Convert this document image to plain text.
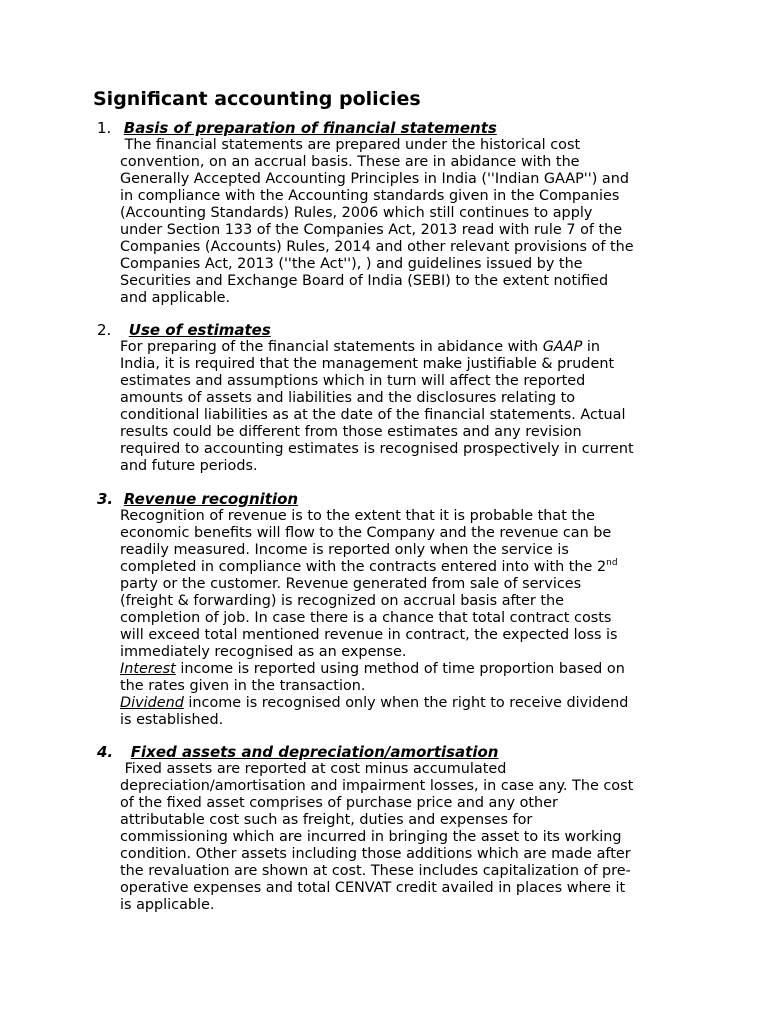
Significant accounting policies
1. Basis of preparation of financial statements
The financial statements are prepared under the historical cost
convention, on an accrual basis. These are in abidance with the
Generally Accepted Accounting Principles in India (''Indian GAAP'') and
in compliance with the Accounting standards given in the Companies
(Accounting Standards) Rules, 2006 which still continues to apply
under Section 133 of the Companies Act, 2013 read with rule 7 of the
Companies (Accounts) Rules, 2014 and other relevant provisions of the
Companies Act, 2013 (''the Act''), ) and guidelines issued by the
Securities and Exchange Board of India (SEBI) to the extent notified
and applicable.
2. Use of estimates
For preparing of the financial statements in abidance with GAAP in
India, it is required that the management make justifiable & prudent
estimates and assumptions which in turn will affect the reported
amounts of assets and liabilities and the disclosures relating to
conditional liabilities as at the date of the financial statements. Actual
results could be different from those estimates and any revision
required to accounting estimates is recognised prospectively in current
and future periods.
3. Revenue recognition
Recognition of revenue is to the extent that it is probable that the
economic benefits will flow to the Company and the revenue can be
readily measured. Income is reported only when the service is
completed in compliance with the contracts entered into with the 2nd
party or the customer. Revenue generated from sale of services
(freight & forwarding) is recognized on accrual basis after the
completion of job. In case there is a chance that total contract costs
will exceed total mentioned revenue in contract, the expected loss is
immediately recognised as an expense.
Interest income is reported using method of time proportion based on
the rates given in the transaction.
Dividend income is recognised only when the right to receive dividend
is established.
4. Fixed assets and depreciation/amortisation
Fixed assets are reported at cost minus accumulated
depreciation/amortisation and impairment losses, in case any. The cost
of the fixed asset comprises of purchase price and any other
attributable cost such as freight, duties and expenses for
commissioning which are incurred in bringing the asset to its working
condition. Other assets including those additions which are made after
the revaluation are shown at cost. These includes capitalization of pre-
operative expenses and total CENVAT credit availed in places where it
is applicable.
